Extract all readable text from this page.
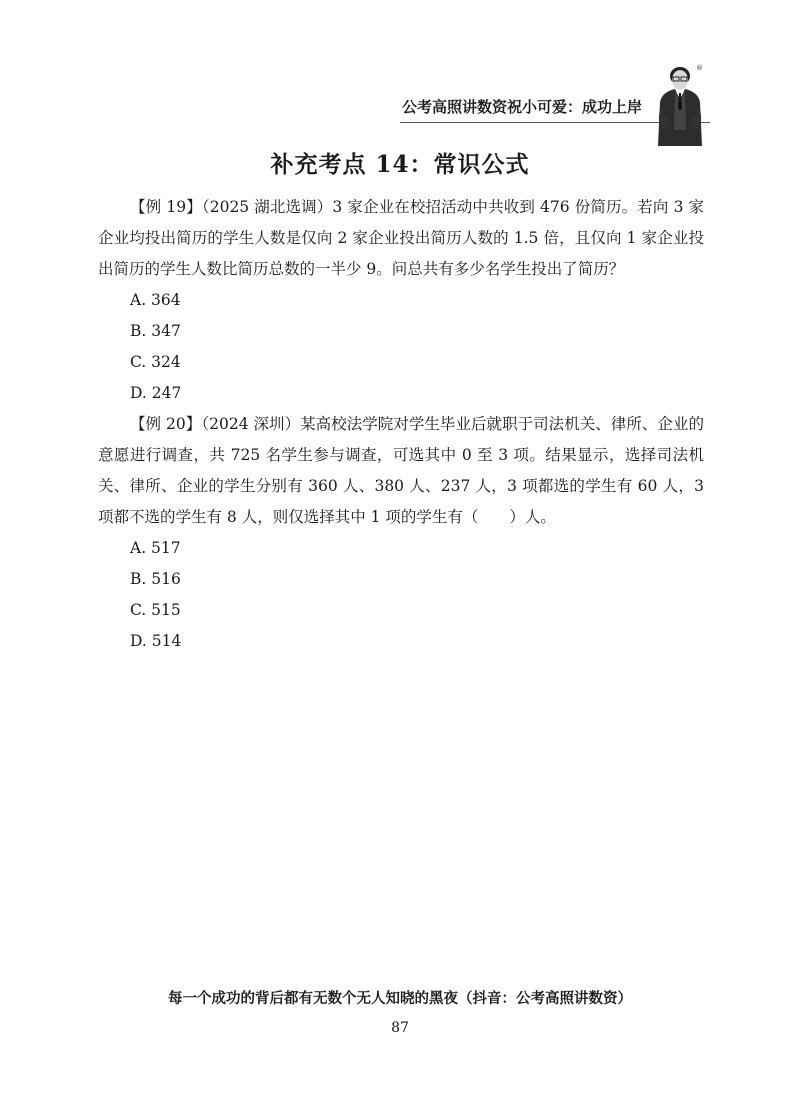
公考高照讲数资祝小可爱：成功上岸
®
补充考点 14：常识公式

【例 19】（2025 湖北选调）3 家企业在校招活动中共收到 476 份简历。若向 3 家企业均投出简历的学生人数是仅向 2 家企业投出简历人数的 1.5 倍，且仅向 1 家企业投出简历的学生人数比简历总数的一半少 9。问总共有多少名学生投出了简历？

A. 364

B. 347

C. 324

D. 247

【例 20】（2024 深圳）某高校法学院对学生毕业后就职于司法机关、律所、企业的意愿进行调查，共 725 名学生参与调查，可选其中 0 至 3 项。结果显示，选择司法机关、律所、企业的学生分别有 360 人、380 人、237 人，3 项都选的学生有 60 人，3 项都不选的学生有 8 人，则仅选择其中 1 项的学生有（　　）人。

A. 517

B. 516

C. 515

D. 514

每一个成功的背后都有无数个无人知晓的黑夜（抖音：公考高照讲数资）
87
